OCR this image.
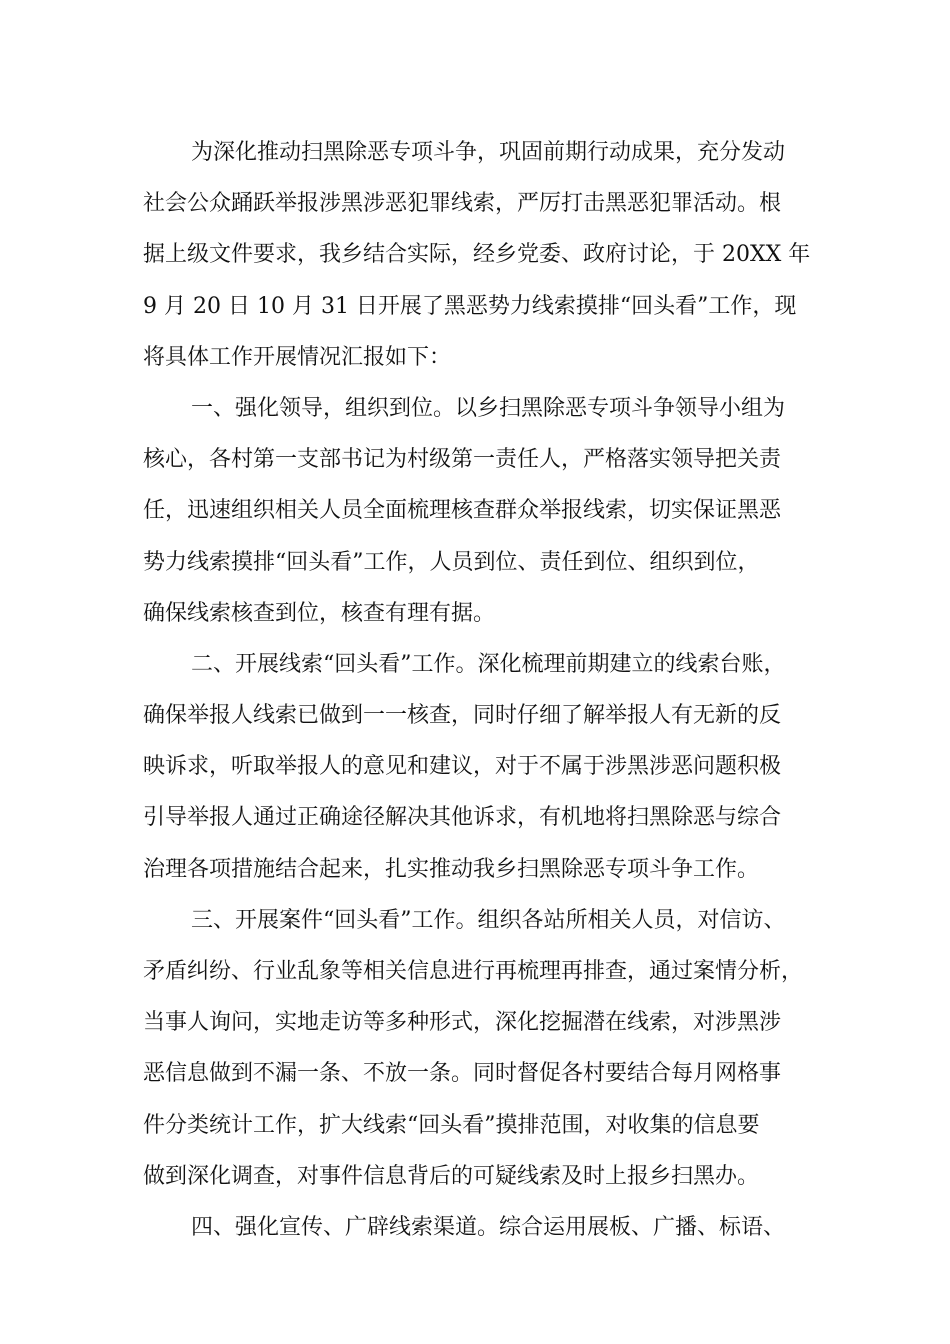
为深化推动扫黑除恶专项斗争，巩固前期行动成果，充分发动
社会公众踊跃举报涉黑涉恶犯罪线索，严厉打击黑恶犯罪活动。根
据上级文件要求，我乡结合实际，经乡党委、政府讨论，于 20XX 年
9 月 20 日 10 月 31 日开展了黑恶势力线索摸排“回头看”工作，现
将具体工作开展情况汇报如下：
一、强化领导，组织到位。以乡扫黑除恶专项斗争领导小组为
核心，各村第一支部书记为村级第一责任人，严格落实领导把关责
任，迅速组织相关人员全面梳理核查群众举报线索，切实保证黑恶
势力线索摸排“回头看”工作，人员到位、责任到位、组织到位，
确保线索核查到位，核查有理有据。
二、开展线索“回头看”工作。深化梳理前期建立的线索台账，
确保举报人线索已做到一一核查，同时仔细了解举报人有无新的反
映诉求，听取举报人的意见和建议，对于不属于涉黑涉恶问题积极
引导举报人通过正确途径解决其他诉求，有机地将扫黑除恶与综合
治理各项措施结合起来，扎实推动我乡扫黑除恶专项斗争工作。
三、开展案件“回头看”工作。组织各站所相关人员，对信访、
矛盾纠纷、行业乱象等相关信息进行再梳理再排查，通过案情分析，
当事人询问，实地走访等多种形式，深化挖掘潜在线索，对涉黑涉
恶信息做到不漏一条、不放一条。同时督促各村要结合每月网格事
件分类统计工作，扩大线索“回头看”摸排范围，对收集的信息要
做到深化调查，对事件信息背后的可疑线索及时上报乡扫黑办。
四、强化宣传、广辟线索渠道。综合运用展板、广播、标语、
